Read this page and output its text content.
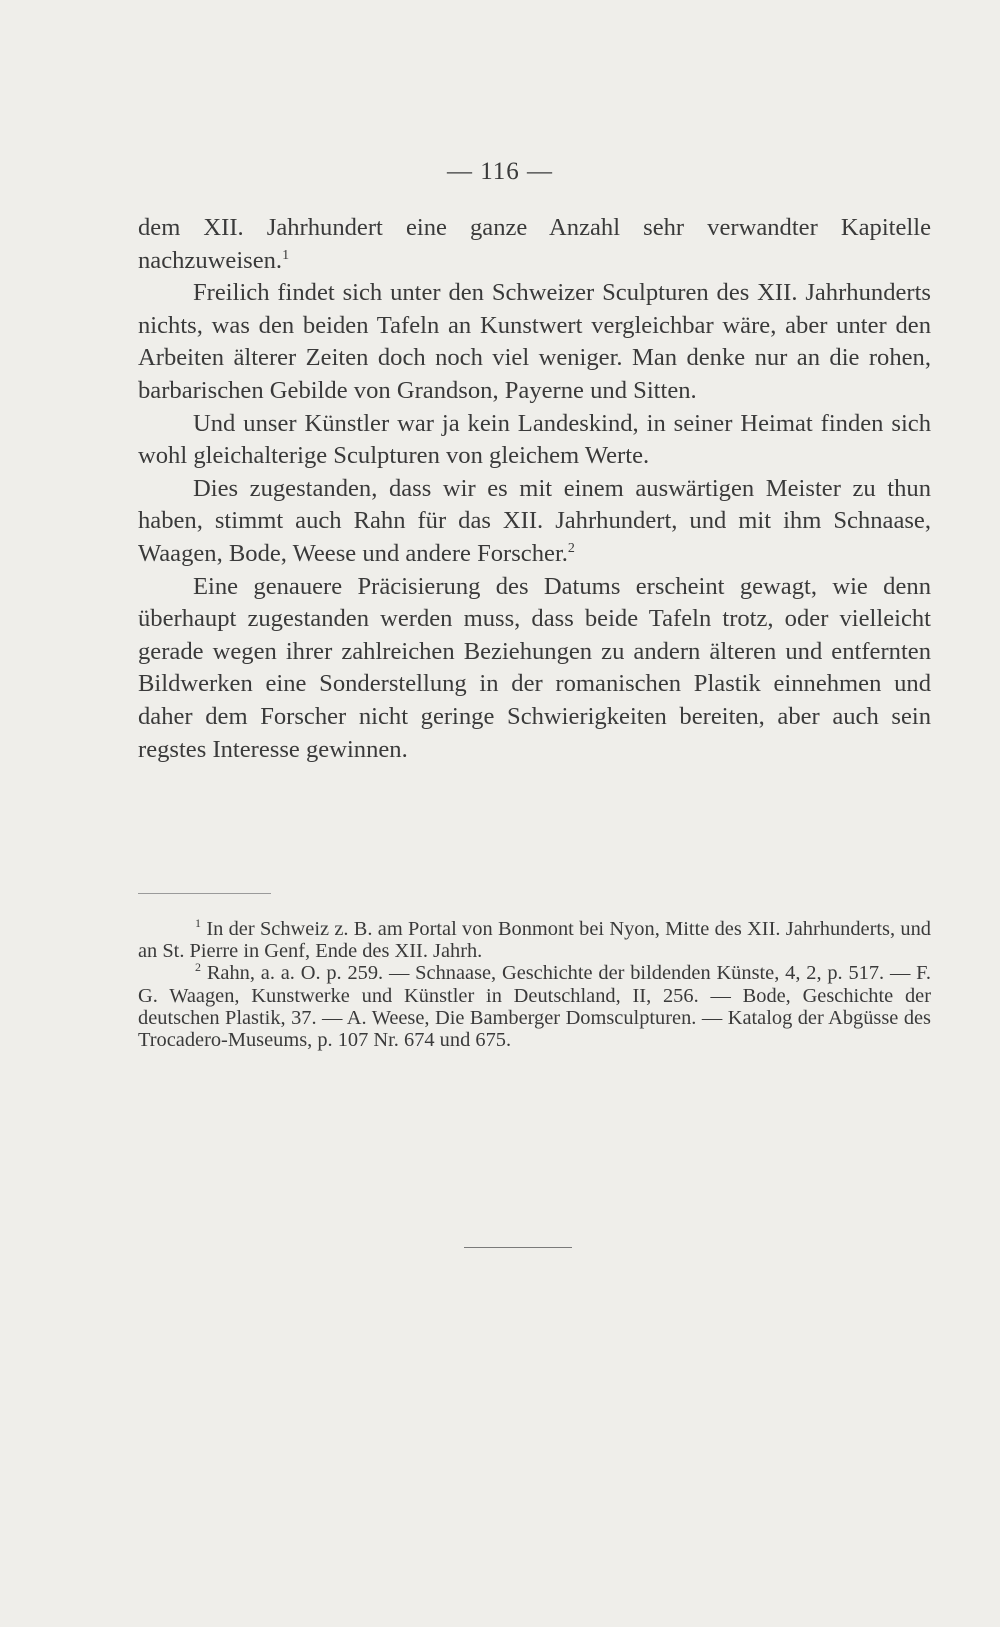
— 116 —

dem XII. Jahrhundert eine ganze Anzahl sehr verwandter Kapitelle nachzuweisen.$^1$

Freilich findet sich unter den Schweizer Sculpturen des XII. Jahrhunderts nichts, was den beiden Tafeln an Kunstwert vergleichbar wäre, aber unter den Arbeiten älterer Zeiten doch noch viel weniger. Man denke nur an die rohen, barbarischen Gebilde von Grandson, Payerne und Sitten.

Und unser Künstler war ja kein Landeskind, in seiner Heimat finden sich wohl gleichalterige Sculpturen von gleichem Werte.

Dies zugestanden, dass wir es mit einem auswärtigen Meister zu thun haben, stimmt auch Rahn für das XII. Jahrhundert, und mit ihm Schnaase, Waagen, Bode, Weese und andere Forscher.$^2$

Eine genauere Präcisierung des Datums erscheint gewagt, wie denn überhaupt zugestanden werden muss, dass beide Tafeln trotz, oder vielleicht gerade wegen ihrer zahlreichen Beziehungen zu andern älteren und entfernten Bildwerken eine Sonderstellung in der romanischen Plastik einnehmen und daher dem Forscher nicht geringe Schwierigkeiten bereiten, aber auch sein regstes Interesse gewinnen.

$^1$ In der Schweiz z. B. am Portal von Bonmont bei Nyon, Mitte des XII. Jahrhunderts, und an St. Pierre in Genf, Ende des XII. Jahrh.

$^2$ Rahn, a. a. O. p. 259. — Schnaase, Geschichte der bildenden Künste, 4, 2, p. 517. — F. G. Waagen, Kunstwerke und Künstler in Deutschland, II, 256. — Bode, Geschichte der deutschen Plastik, 37. — A. Weese, Die Bamberger Domsculpturen. — Katalog der Abgüsse des Trocadero-Museums, p. 107 Nr. 674 und 675.
